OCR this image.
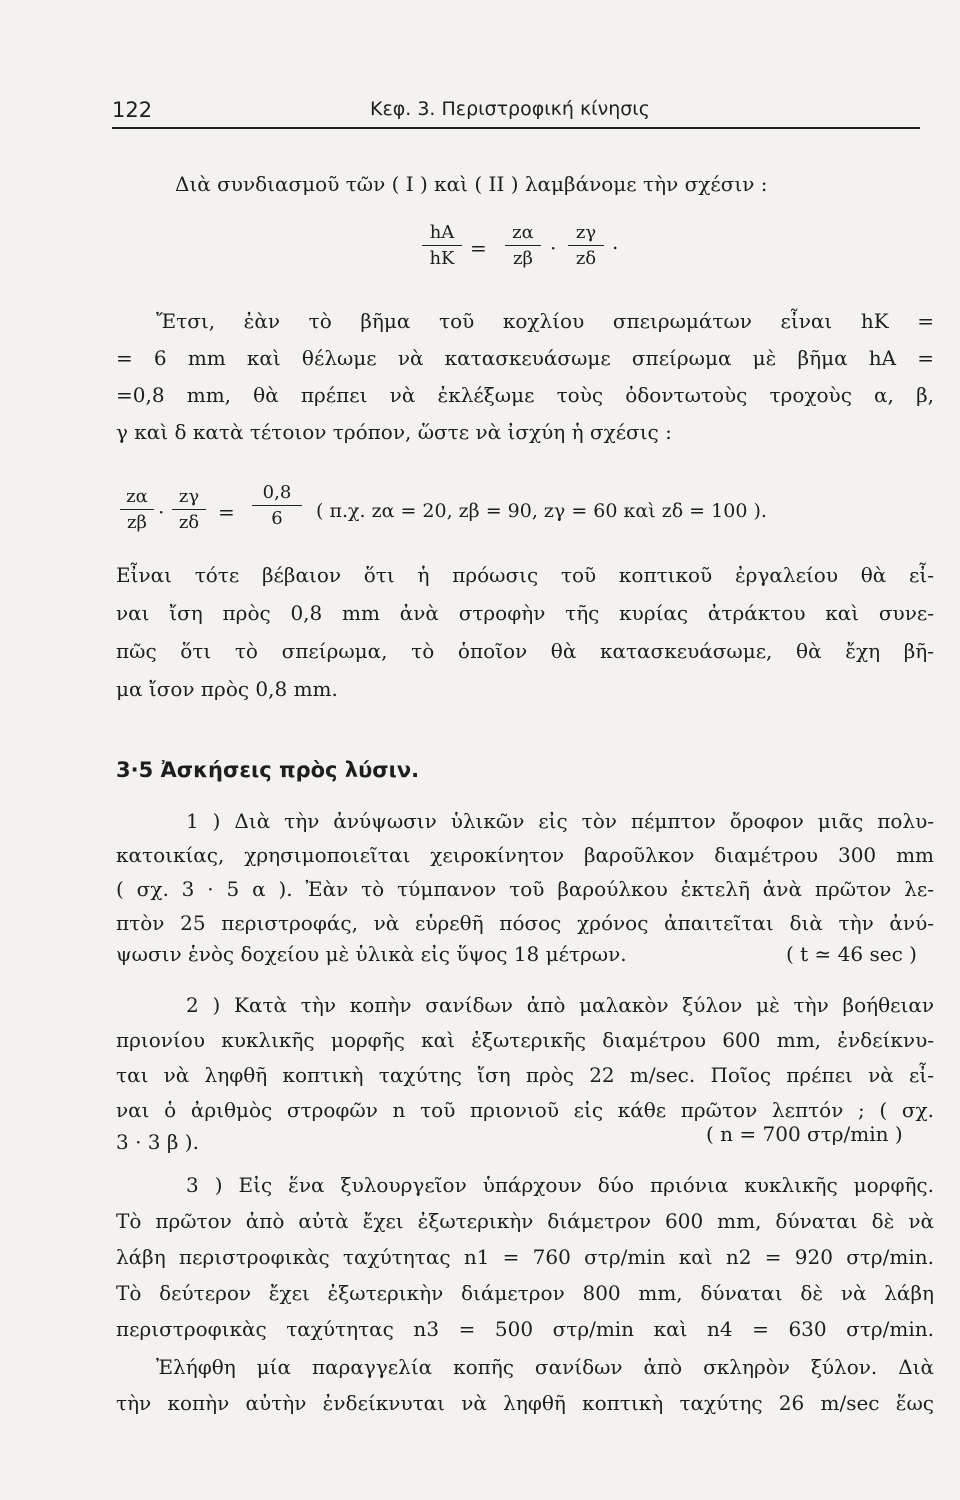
122	Κεφ. 3. Περιστροφική κίνησις
Διὰ συνδιασμοῦ τῶν ( I ) καὶ ( II ) λαμβάνομε τὴν σχέσιν :
hA
hK =
zα
zβ ·
zγ
zδ
.
Ἔτσι, ἐὰν τὸ βῆμα τοῦ κοχλίου σπειρωμάτων εἶναι hK =
= 6 mm καὶ θέλωμε νὰ κατασκευάσωμε σπείρωμα μὲ βῆμα hA =
=0,8 mm, θὰ πρέπει νὰ ἐκλέξωμε τοὺς ὀδοντωτοὺς τροχοὺς α, β,
γ καὶ δ κατὰ τέτοιον τρόπον, ὥστε νὰ ἰσχύη ἡ σχέσις :
zα
zβ ·
zγ
zδ =
0,8
6	( π.χ. zα = 20, zβ = 90, zγ = 60 καὶ zδ = 100 ).
Εἶναι τότε βέβαιον ὅτι ἡ πρόωσις τοῦ κοπτικοῦ ἐργαλείου θὰ εἶ-
ναι ἴση πρὸς 0,8 mm ἀνὰ στροφὴν τῆς κυρίας ἀτράκτου καὶ συνε-
πῶς ὅτι τὸ σπείρωμα, τὸ ὁποῖον θὰ κατασκευάσωμε, θὰ ἔχη βῆ-
μα ἴσον πρὸς 0,8 mm.
3·5 Ἀσκήσεις πρὸς λύσιν.
1 ) Διὰ τὴν ἀνύψωσιν ὑλικῶν εἰς τὸν πέμπτον ὄροφον μιᾶς πολυ-
κατοικίας, χρησιμοποιεῖται χειροκίνητον βαροῦλκον διαμέτρου 300 mm
( σχ. 3 · 5 α ). Ἐὰν τὸ τύμπανον τοῦ βαρούλκου ἐκτελῆ ἀνὰ πρῶτον λε-
πτὸν 25 περιστροφάς, νὰ εὑρεθῆ πόσος χρόνος ἀπαιτεῖται διὰ τὴν ἀνύ-
ψωσιν ἑνὸς δοχείου μὲ ὑλικὰ εἰς ὕψος 18 μέτρων.	( t ≃ 46 sec )
2 ) Κατὰ τὴν κοπὴν σανίδων ἀπὸ μαλακὸν ξύλον μὲ τὴν βοήθειαν
πριονίου κυκλικῆς μορφῆς καὶ ἐξωτερικῆς διαμέτρου 600 mm, ἐνδείκνυ-
ται νὰ ληφθῆ κοπτικὴ ταχύτης ἴση πρὸς 22 m/sec. Ποῖος πρέπει νὰ εἶ-
ναι ὁ ἀριθμὸς στροφῶν n τοῦ πριονιοῦ εἰς κάθε πρῶτον λεπτόν ; ( σχ.
3 · 3 β ).	( n = 700 στρ/min )
3 ) Εἰς ἕνα ξυλουργεῖον ὑπάρχουν δύο πριόνια κυκλικῆς μορφῆς.
Τὸ πρῶτον ἀπὸ αὐτὰ ἔχει ἐξωτερικὴν διάμετρον 600 mm, δύναται δὲ νὰ
λάβη περιστροφικὰς ταχύτητας n1 = 760 στρ/min καὶ n2 = 920 στρ/min.
Τὸ δεύτερον ἔχει ἐξωτερικὴν διάμετρον 800 mm, δύναται δὲ νὰ λάβη
περιστροφικὰς ταχύτητας n3 = 500 στρ/min καὶ n4 = 630 στρ/min.
Ἐλήφθη μία παραγγελία κοπῆς σανίδων ἀπὸ σκληρὸν ξύλον. Διὰ
τὴν κοπὴν αὐτὴν ἐνδείκνυται νὰ ληφθῆ κοπτικὴ ταχύτης 26 m/sec ἕως
